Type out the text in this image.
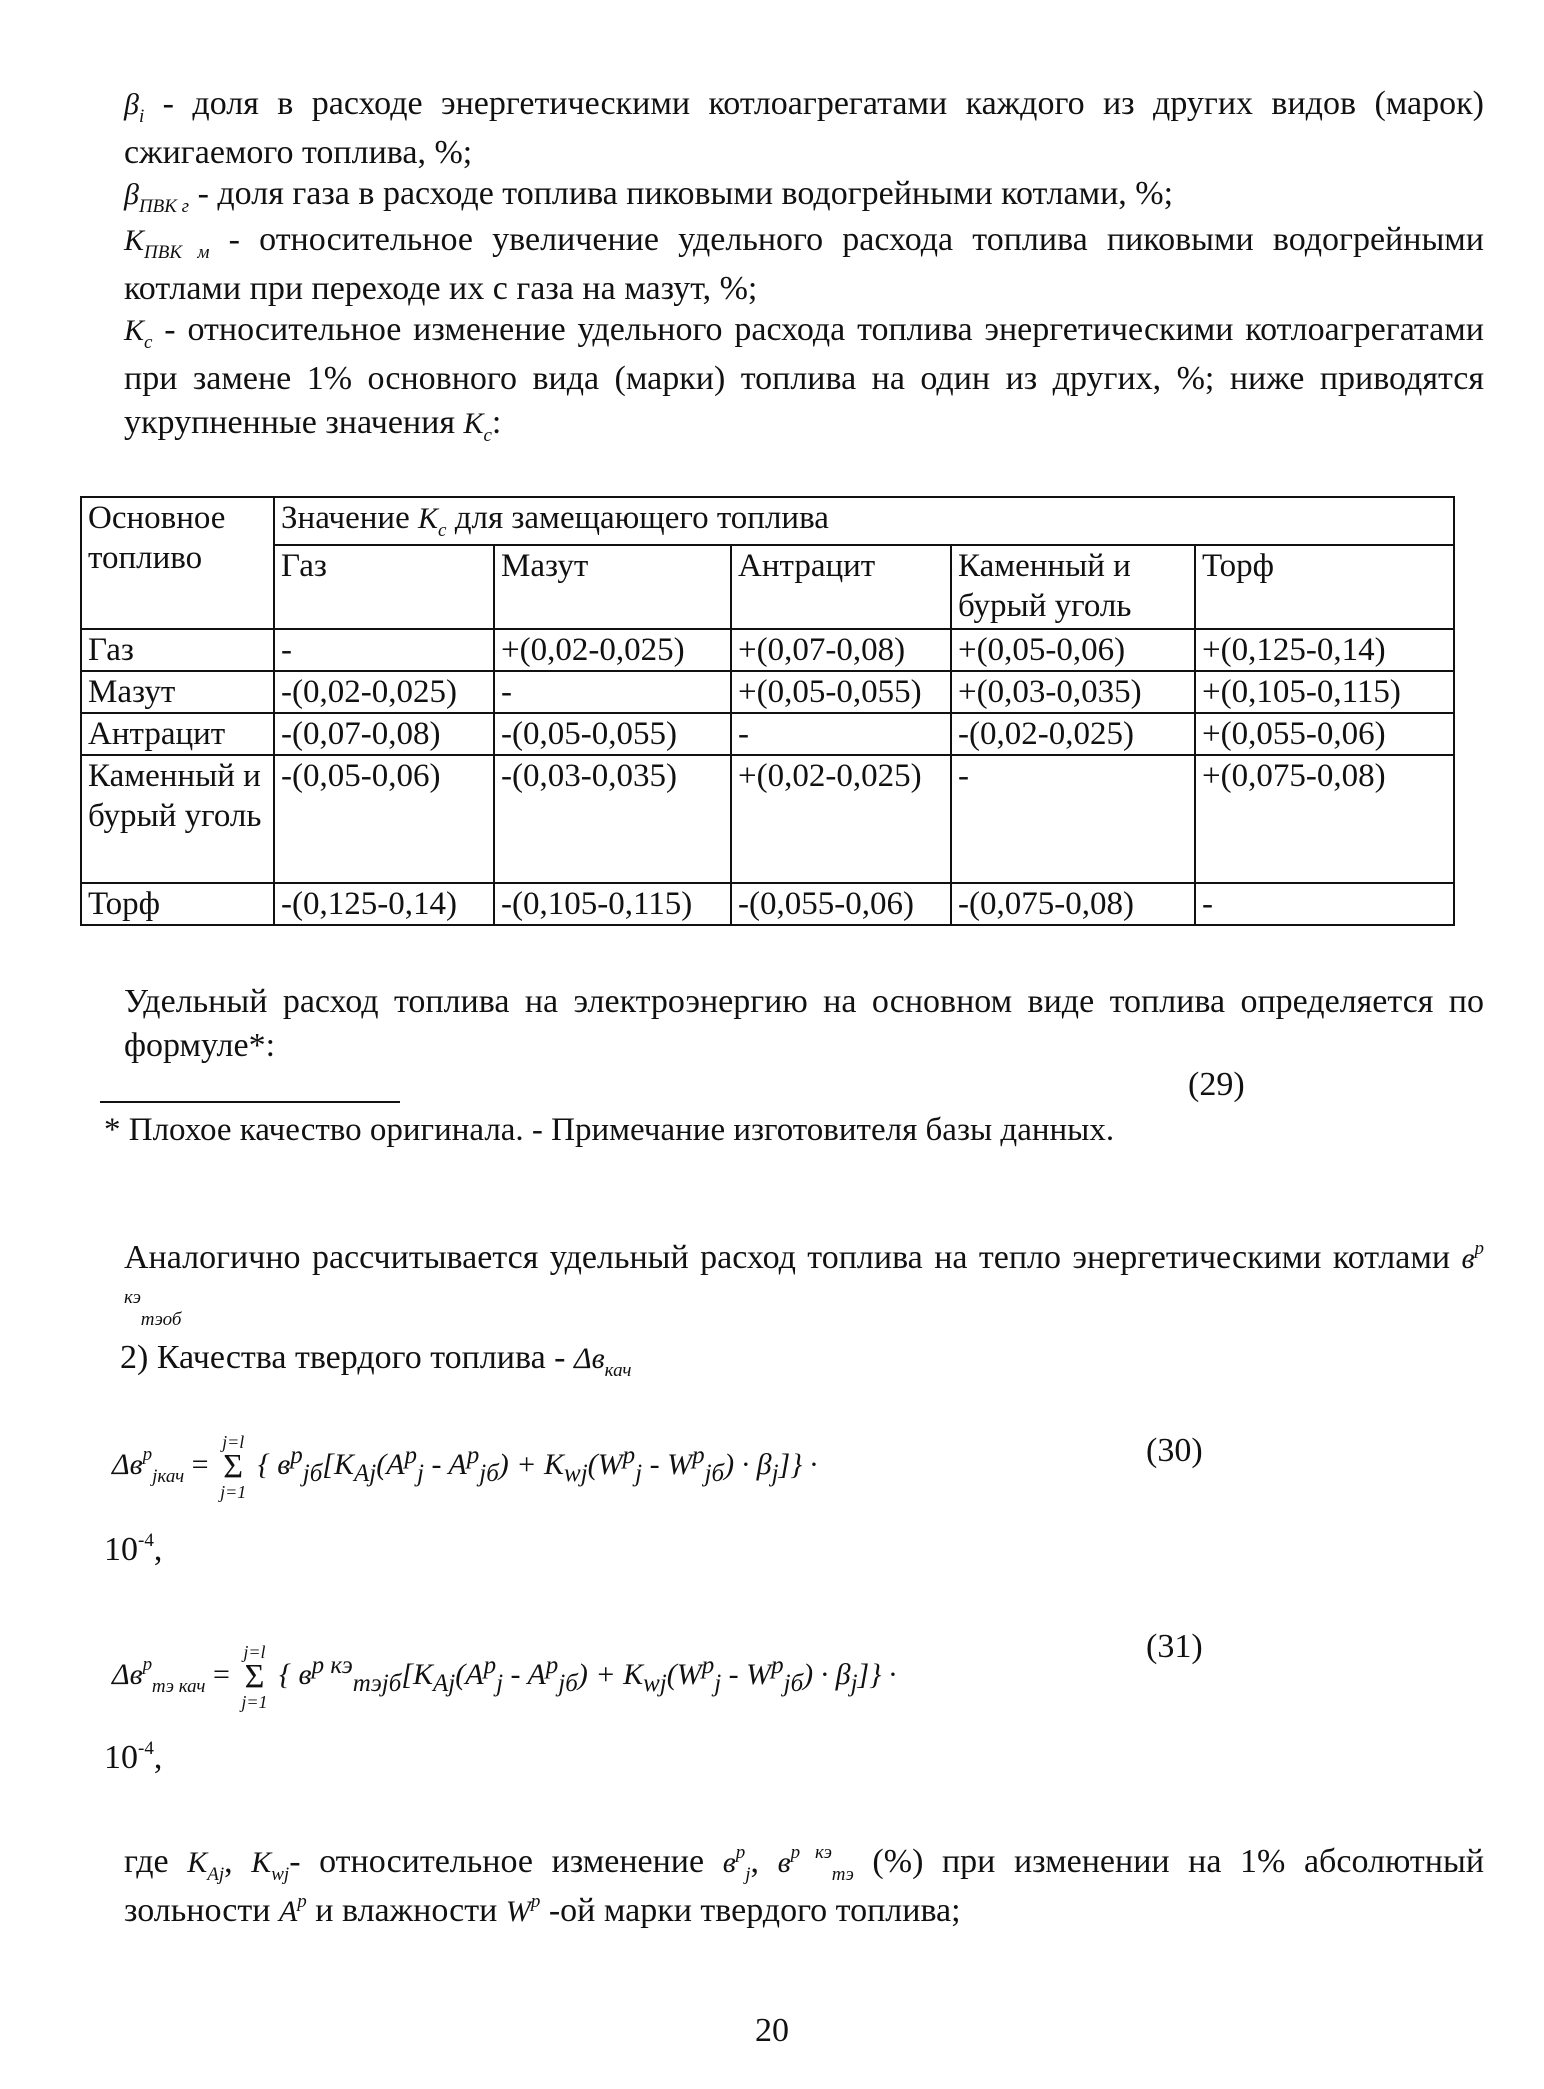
$\beta_i$ - доля в расходе энергетическими котлоагрегатами каждого из других видов (марок) сжигаемого топлива, %;
$\beta_{ПВК г}$ - доля газа в расходе топлива пиковыми водогрейными котлами, %;
$K_{ПВК м}$ - относительное увеличение удельного расхода топлива пиковыми водогрейными котлами при переходе их с газа на мазут, %;
$K_с$ - относительное изменение удельного расхода топлива энергетическими котлоагрегатами при замене 1% основного вида (марки) топлива на один из других, %; ниже приводятся укрупненные значения $K_с$:
Основное топливо	Значение $K_с$ для замещающего топлива				
	Газ	Мазут	Антрацит	Каменный и бурый уголь	Торф
Газ	-	+(0,02-0,025)	+(0,07-0,08)	+(0,05-0,06)	+(0,125-0,14)
Мазут	-(0,02-0,025)	-	+(0,05-0,055)	+(0,03-0,035)	+(0,105-0,115)
Антрацит	-(0,07-0,08)	-(0,05-0,055)	-	-(0,02-0,025)	+(0,055-0,06)
Каменный и бурый уголь	-(0,05-0,06)	-(0,03-0,035)	+(0,02-0,025)	-	+(0,075-0,08)
Торф	-(0,125-0,14)	-(0,105-0,115)	-(0,055-0,06)	-(0,075-0,08)	-
Удельный расход топлива на электроэнергию на основном виде топлива определяется по формуле*:
(29)
* Плохое качество оригинала. - Примечание изготовителя базы данных.
Аналогично рассчитывается удельный расход топлива на тепло энергетическими котлами $в^{р кэ}_{тэоб}$
2) Качества твердого топлива - $\Delta в_{кач}$
$\Delta в^р_{jкач} = j=l$
Σ
j=1 { $в^р_{jб}[K_{Aj}(A^р_j - A^р_{jб}) + K_{wj}(W^р_j - W^р_{jб}) \cdot \beta_j]$} ·	(30)
$10^{-4}$,
$\Delta в^р_{тэ кач} = j=l$
Σ
j=1 { $в^{р кэ}_{тэjб}[K_{Aj}(A^р_j - A^р_{jб}) + K_{wj}(W^р_j - W^р_{jб}) \cdot \beta_j]$} ·
(31)
$10^{-4}$,
где $K_{Aj}$, $K_{wj}-$ относительное изменение $в^р_j$, $в^{р кэ}_{тэ}$ (%) при изменении на 1% абсолютный зольности $A^р$ и влажности $W^р$ -ой марки твердого топлива;
20
